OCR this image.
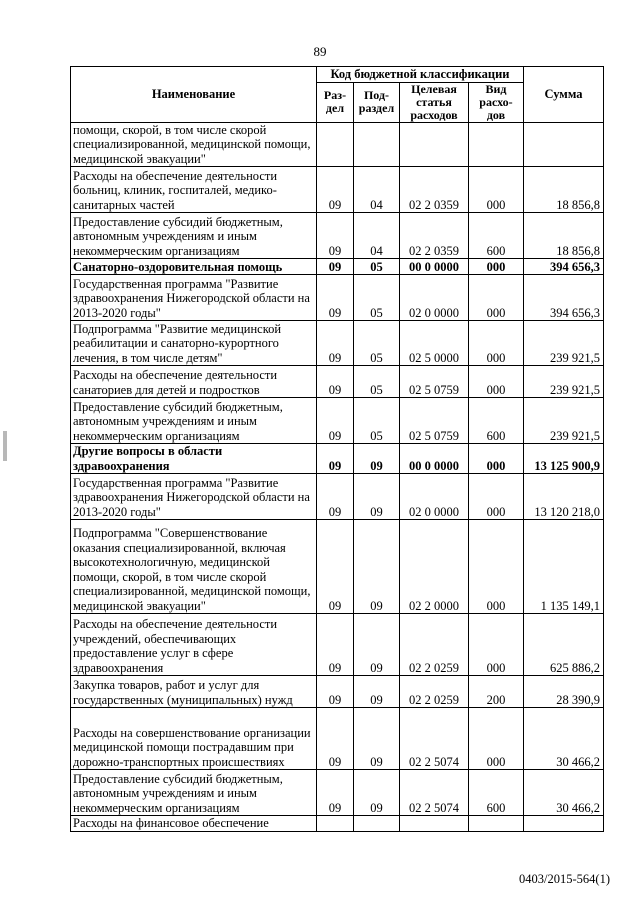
89
Наименование	Код бюджетной классификации				Сумма
	Раз-дел	Под-раздел	Целевая статья расходов	Вид расхо-дов	
помощи, скорой, в том числе скорой специализированной, медицинской помощи, медицинской эвакуации"					
Расходы на обеспечение деятельности больниц, клиник, госпиталей, медико-санитарных частей	09	04	02 2 0359	000	18 856,8
Предоставление субсидий бюджетным, автономным учреждениям и иным некоммерческим организациям	09	04	02 2 0359	600	18 856,8
Санаторно-оздоровительная помощь	09	05	00 0 0000	000	394 656,3
Государственная программа "Развитие здравоохранения Нижегородской области на 2013-2020 годы"	09	05	02 0 0000	000	394 656,3
Подпрограмма "Развитие медицинской реабилитации и санаторно-курортного лечения, в том числе детям"	09	05	02 5 0000	000	239 921,5
Расходы на обеспечение деятельности санаториев для детей и подростков	09	05	02 5 0759	000	239 921,5
Предоставление субсидий бюджетным, автономным учреждениям и иным некоммерческим организациям	09	05	02 5 0759	600	239 921,5
Другие вопросы в области здравоохранения	09	09	00 0 0000	000	13 125 900,9
Государственная программа "Развитие здравоохранения Нижегородской области на 2013-2020 годы"	09	09	02 0 0000	000	13 120 218,0
Подпрограмма "Совершенствование оказания специализированной, включая высокотехнологичную, медицинской помощи, скорой, в том числе скорой специализированной, медицинской помощи, медицинской эвакуации"	09	09	02 2 0000	000	1 135 149,1
Расходы на обеспечение деятельности учреждений, обеспечивающих предоставление услуг в сфере здравоохранения	09	09	02 2 0259	000	625 886,2
Закупка товаров, работ и услуг для государственных (муниципальных) нужд	09	09	02 2 0259	200	28 390,9
Расходы на совершенствование организации медицинской помощи пострадавшим при дорожно-транспортных происшествиях	09	09	02 2 5074	000	30 466,2
Предоставление субсидий бюджетным, автономным учреждениям и иным некоммерческим организациям	09	09	02 2 5074	600	30 466,2
Расходы на финансовое обеспечение					
0403/2015-564(1)
